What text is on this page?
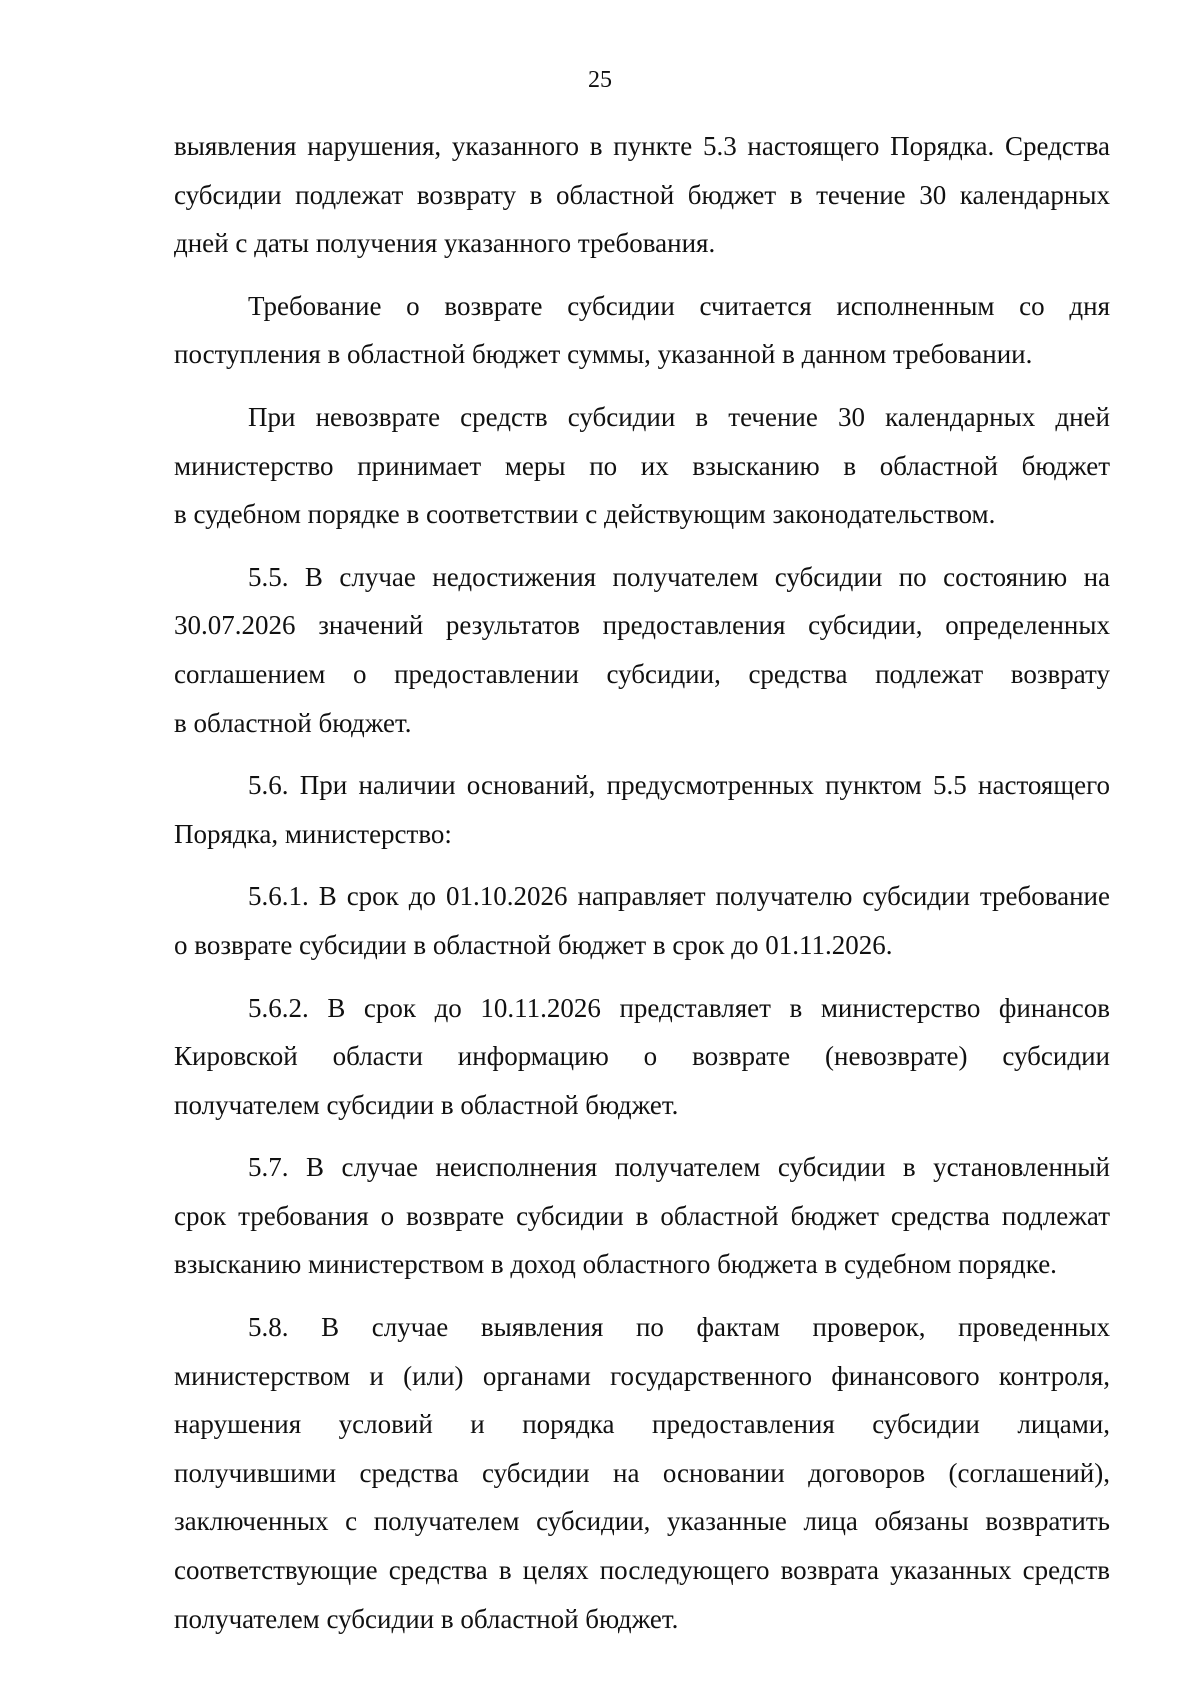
25
выявления нарушения, указанного в пункте 5.3 настоящего Порядка. Средства
субсидии подлежат возврату в областной бюджет в течение 30 календарных
дней с даты получения указанного требования.
Требование о возврате субсидии считается исполненным со дня
поступления в областной бюджет суммы, указанной в данном требовании.
При невозврате средств субсидии в течение 30 календарных дней
министерство принимает меры по их взысканию в областной бюджет
в судебном порядке в соответствии с действующим законодательством.
5.5. В случае недостижения получателем субсидии по состоянию на
30.07.2026 значений результатов предоставления субсидии, определенных
соглашением о предоставлении субсидии, средства подлежат возврату
в областной бюджет.
5.6. При наличии оснований, предусмотренных пунктом 5.5 настоящего
Порядка, министерство:
5.6.1. В срок до 01.10.2026 направляет получателю субсидии требование
о возврате субсидии в областной бюджет в срок до 01.11.2026.
5.6.2. В срок до 10.11.2026 представляет в министерство финансов
Кировской области информацию о возврате (невозврате) субсидии
получателем субсидии в областной бюджет.
5.7. В случае неисполнения получателем субсидии в установленный
срок требования о возврате субсидии в областной бюджет средства подлежат
взысканию министерством в доход областного бюджета в судебном порядке.
5.8. В случае выявления по фактам проверок, проведенных
министерством и (или) органами государственного финансового контроля,
нарушения условий и порядка предоставления субсидии лицами,
получившими средства субсидии на основании договоров (соглашений),
заключенных с получателем субсидии, указанные лица обязаны возвратить
соответствующие средства в целях последующего возврата указанных средств
получателем субсидии в областной бюджет.
